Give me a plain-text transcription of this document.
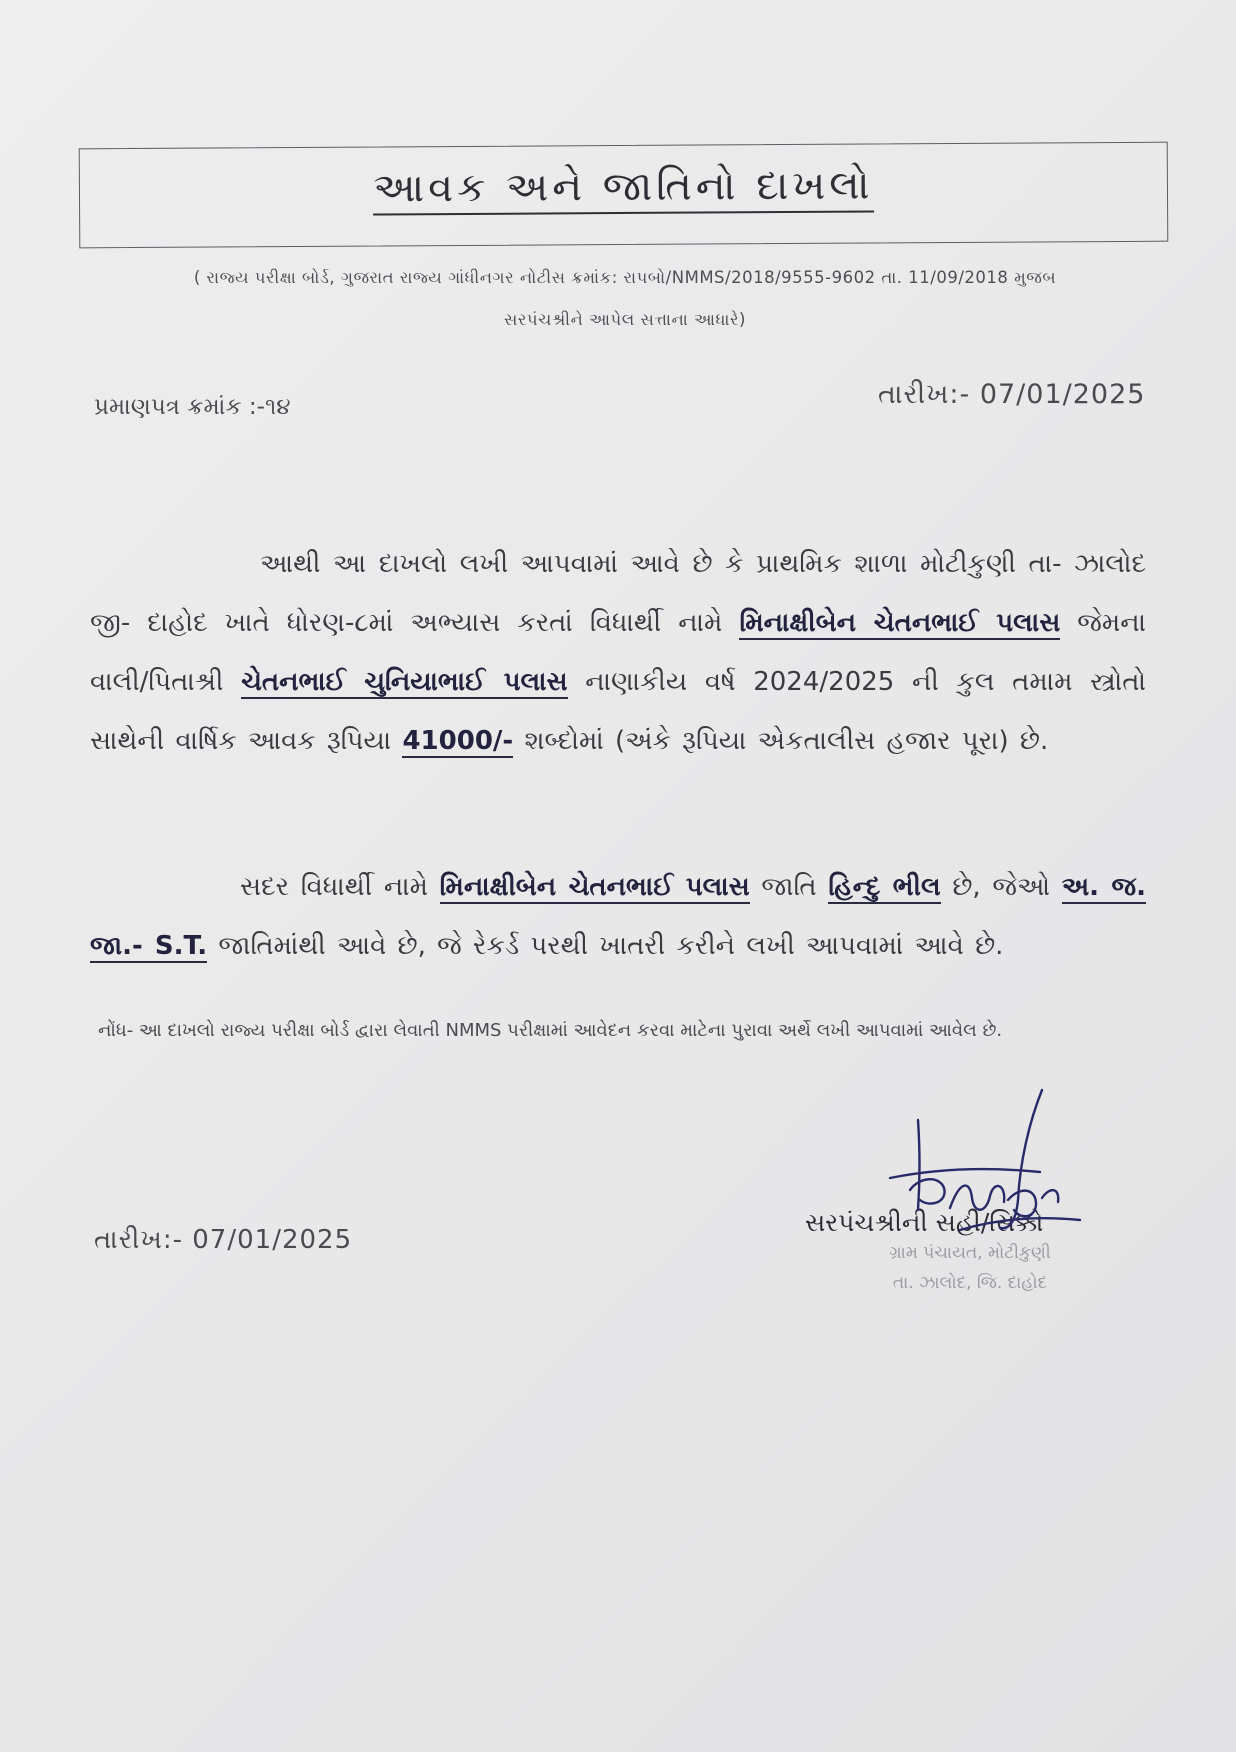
આવક અને જાતિનો દાખલો
( રાજ્ય પરીક્ષા બોર્ડ, ગુજરાત રાજ્ય ગાંધીનગર નોટીસ ક્રમાંક: રાપબો/NMMS/2018/9555-9602 તા. 11/09/2018 મુજબ
સરપંચશ્રીને આપેલ સત્તાના આધારે)
પ્રમાણપત્ર ક્રમાંક :-૧૪	તારીખ:- 07/01/2025
આથી આ દાખલો લખી આપવામાં આવે છે કે પ્રાથમિક શાળા મોટીકુણી તા- ઝાલોદ જી- દાહોદ ખાતે ધોરણ-૮માં અભ્યાસ કરતાં વિધાર્થી નામે મિનાક્ષીબેન ચેતનભાઈ પલાસ જેમના વાલી/પિતાશ્રી ચેતનભાઈ ચુનિયાભાઈ પલાસ નાણાકીય વર્ષ 2024/2025 ની કુલ તમામ સ્ત્રોતો સાથેની વાર્ષિક આવક રૂપિયા 41000/- શબ્દોમાં (અંકે રૂપિયા એકતાલીસ હજાર પૂરા) છે.
સદર વિધાર્થી નામે મિનાક્ષીબેન ચેતનભાઈ પલાસ જાતિ હિન્દુ ભીલ છે, જેઓ અ. જ. જા.- S.T. જાતિમાંથી આવે છે, જે રેકર્ડ પરથી ખાતરી કરીને લખી આપવામાં આવે છે.
નોંધ- આ દાખલો રાજ્ય પરીક્ષા બોર્ડ દ્વારા લેવાતી NMMS પરીક્ષામાં આવેદન કરવા માટેના પુરાવા અર્થે લખી આપવામાં આવેલ છે.
તારીખ:- 07/01/2025	ગ્રામ પંચાયત, મોટીકુણી
તા. ઝાલોદ, જિ. દાહોદ
સરપંચશ્રીની સહી/સિક્કો
